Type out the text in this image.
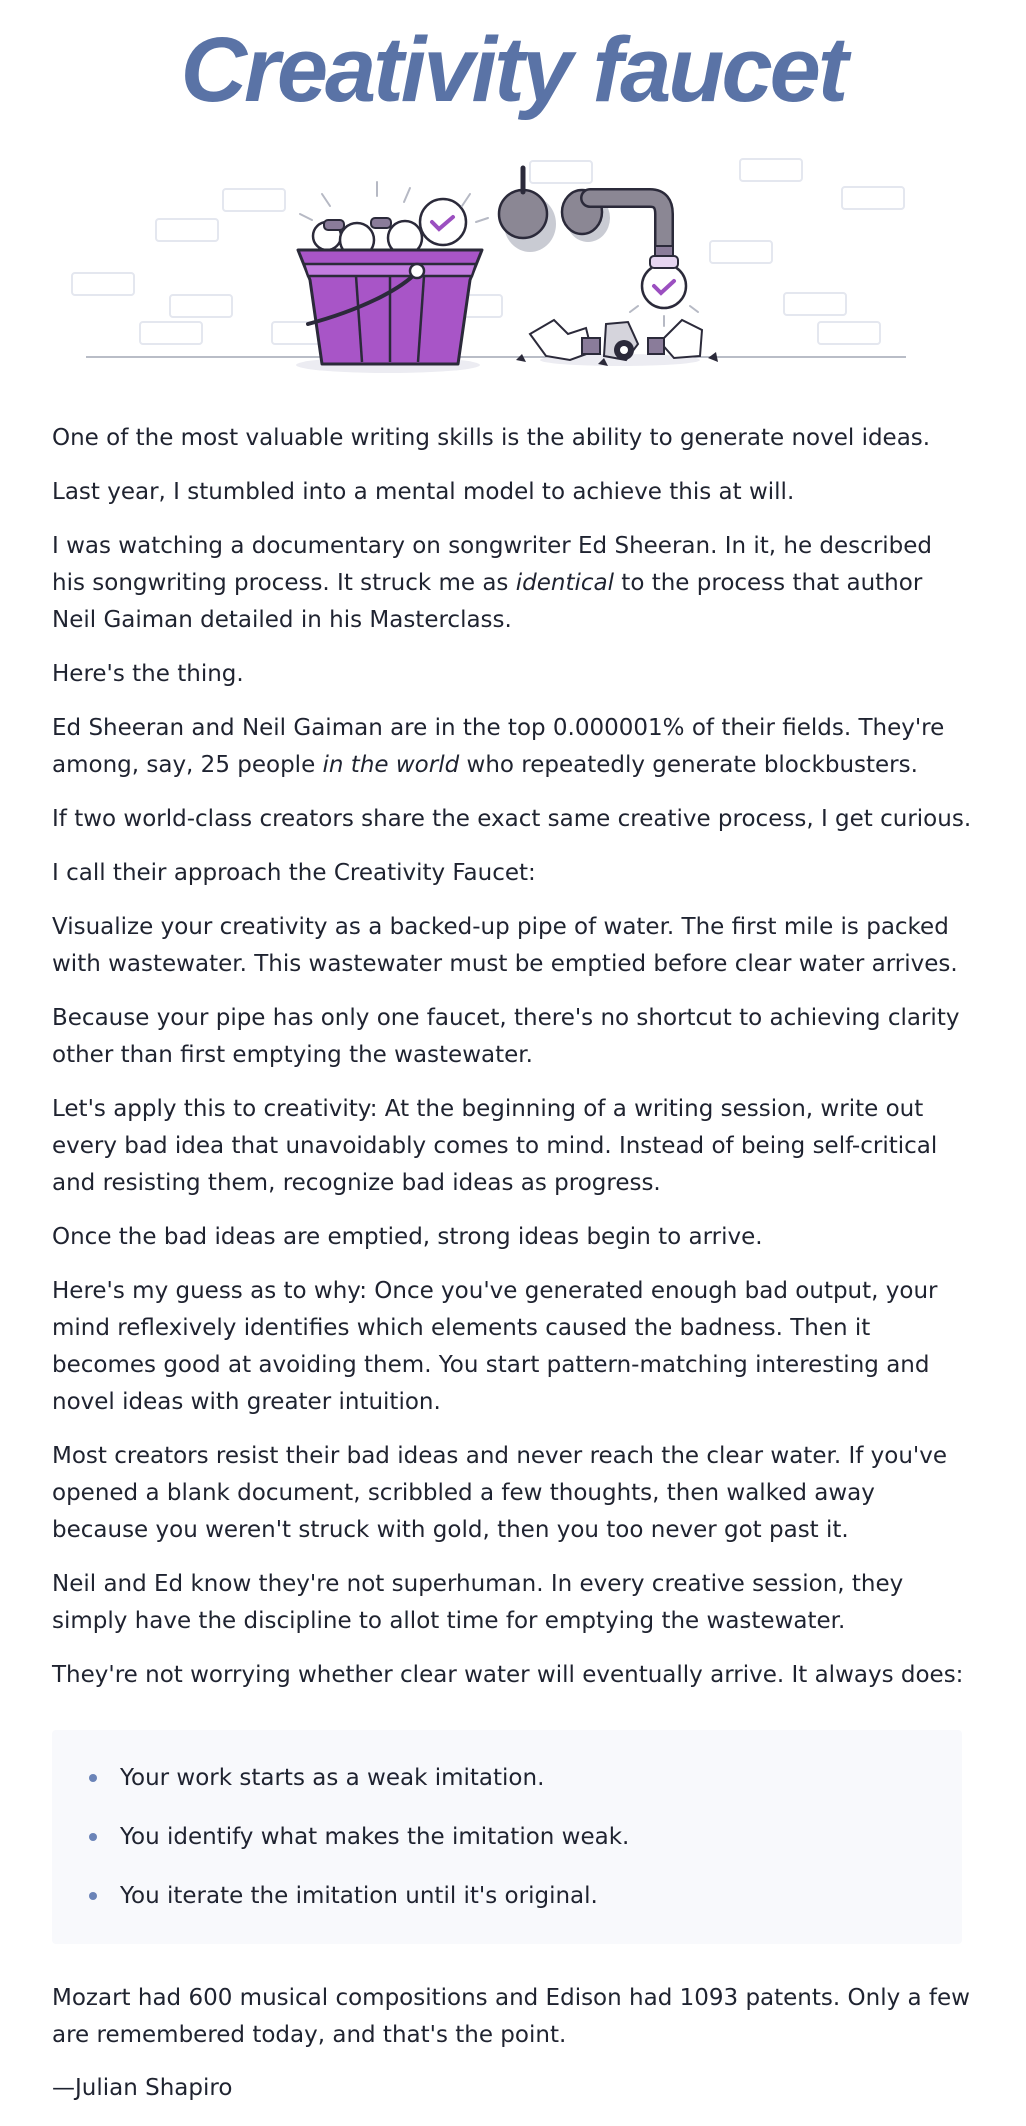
Creativity faucet

One of the most valuable writing skills is the ability to generate novel ideas.

Last year, I stumbled into a mental model to achieve this at will.

I was watching a documentary on songwriter Ed Sheeran. In it, he described his songwriting process. It struck me as identical to the process that author Neil Gaiman detailed in his Masterclass.

Here's the thing.

Ed Sheeran and Neil Gaiman are in the top 0.000001% of their fields. They're among, say, 25 people in the world who repeatedly generate blockbusters.

If two world-class creators share the exact same creative process, I get curious.

I call their approach the Creativity Faucet:

Visualize your creativity as a backed-up pipe of water. The first mile is packed with wastewater. This wastewater must be emptied before clear water arrives.

Because your pipe has only one faucet, there's no shortcut to achieving clarity other than first emptying the wastewater.

Let's apply this to creativity: At the beginning of a writing session, write out every bad idea that unavoidably comes to mind. Instead of being self-critical and resisting them, recognize bad ideas as progress.

Once the bad ideas are emptied, strong ideas begin to arrive.

Here's my guess as to why: Once you've generated enough bad output, your mind reflexively identifies which elements caused the badness. Then it becomes good at avoiding them. You start pattern-matching interesting and novel ideas with greater intuition.

Most creators resist their bad ideas and never reach the clear water. If you've opened a blank document, scribbled a few thoughts, then walked away because you weren't struck with gold, then you too never got past it.

Neil and Ed know they're not superhuman. In every creative session, they simply have the discipline to allot time for emptying the wastewater.

They're not worrying whether clear water will eventually arrive. It always does:

Your work starts as a weak imitation.
You identify what makes the imitation weak.
You iterate the imitation until it's original.

Mozart had 600 musical compositions and Edison had 1093 patents. Only a few are remembered today, and that's the point.

—Julian Shapiro
